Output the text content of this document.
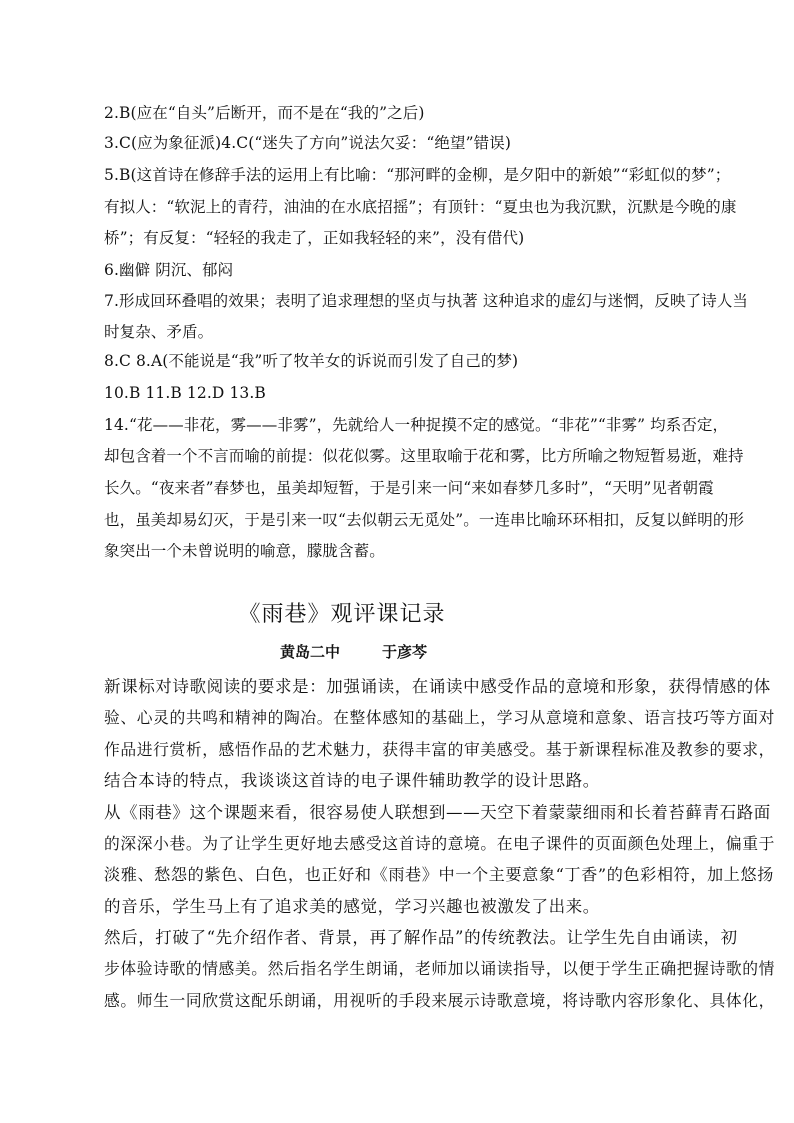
2.B(应在“自头”后断开，而不是在“我的”之后)
3.C(应为象征派)4.C(“迷失了方向”说法欠妥：“绝望”错误)
5.B(这首诗在修辞手法的运用上有比喻：“那河畔的金柳，是夕阳中的新娘”“彩虹似的梦”；
有拟人：“软泥上的青荇，油油的在水底招摇”；有顶针：“夏虫也为我沉默，沉默是今晚的康
桥”；有反复：“轻轻的我走了，正如我轻轻的来”，没有借代)
6.幽僻 阴沉、郁闷
7.形成回环叠唱的效果；表明了追求理想的坚贞与执著 这种追求的虚幻与迷惘，反映了诗人当
时复杂、矛盾。
8.C 8.A(不能说是“我”听了牧羊女的诉说而引发了自己的梦)
10.B 11.B 12.D 13.B
14.“花——非花，雾——非雾”，先就给人一种捉摸不定的感觉。“非花”“非雾” 均系否定，
却包含着一个不言而喻的前提：似花似雾。这里取喻于花和雾，比方所喻之物短暂易逝，难持
长久。“夜来者”春梦也，虽美却短暂，于是引来一问“来如春梦几多时”，“天明”见者朝霞
也，虽美却易幻灭，于是引来一叹“去似朝云无觅处”。一连串比喻环环相扣，反复以鲜明的形
象突出一个未曾说明的喻意，朦胧含蓄。
《雨巷》观评课记录
黄岛二中	于彦芩
新课标对诗歌阅读的要求是：加强诵读，在诵读中感受作品的意境和形象，获得情感的体
验、心灵的共鸣和精神的陶冶。在整体感知的基础上，学习从意境和意象、语言技巧等方面对
作品进行赏析，感悟作品的艺术魅力，获得丰富的审美感受。基于新课程标准及教参的要求，
结合本诗的特点，我谈谈这首诗的电子课件辅助教学的设计思路。
从《雨巷》这个课题来看，很容易使人联想到——天空下着蒙蒙细雨和长着苔藓青石路面
的深深小巷。为了让学生更好地去感受这首诗的意境。在电子课件的页面颜色处理上，偏重于
淡雅、愁怨的紫色、白色，也正好和《雨巷》中一个主要意象“丁香”的色彩相符，加上悠扬
的音乐，学生马上有了追求美的感觉，学习兴趣也被激发了出来。
然后，打破了“先介绍作者、背景，再了解作品”的传统教法。让学生先自由诵读，初
步体验诗歌的情感美。然后指名学生朗诵，老师加以诵读指导，以便于学生正确把握诗歌的情
感。师生一同欣赏这配乐朗诵，用视听的手段来展示诗歌意境，将诗歌内容形象化、具体化，
